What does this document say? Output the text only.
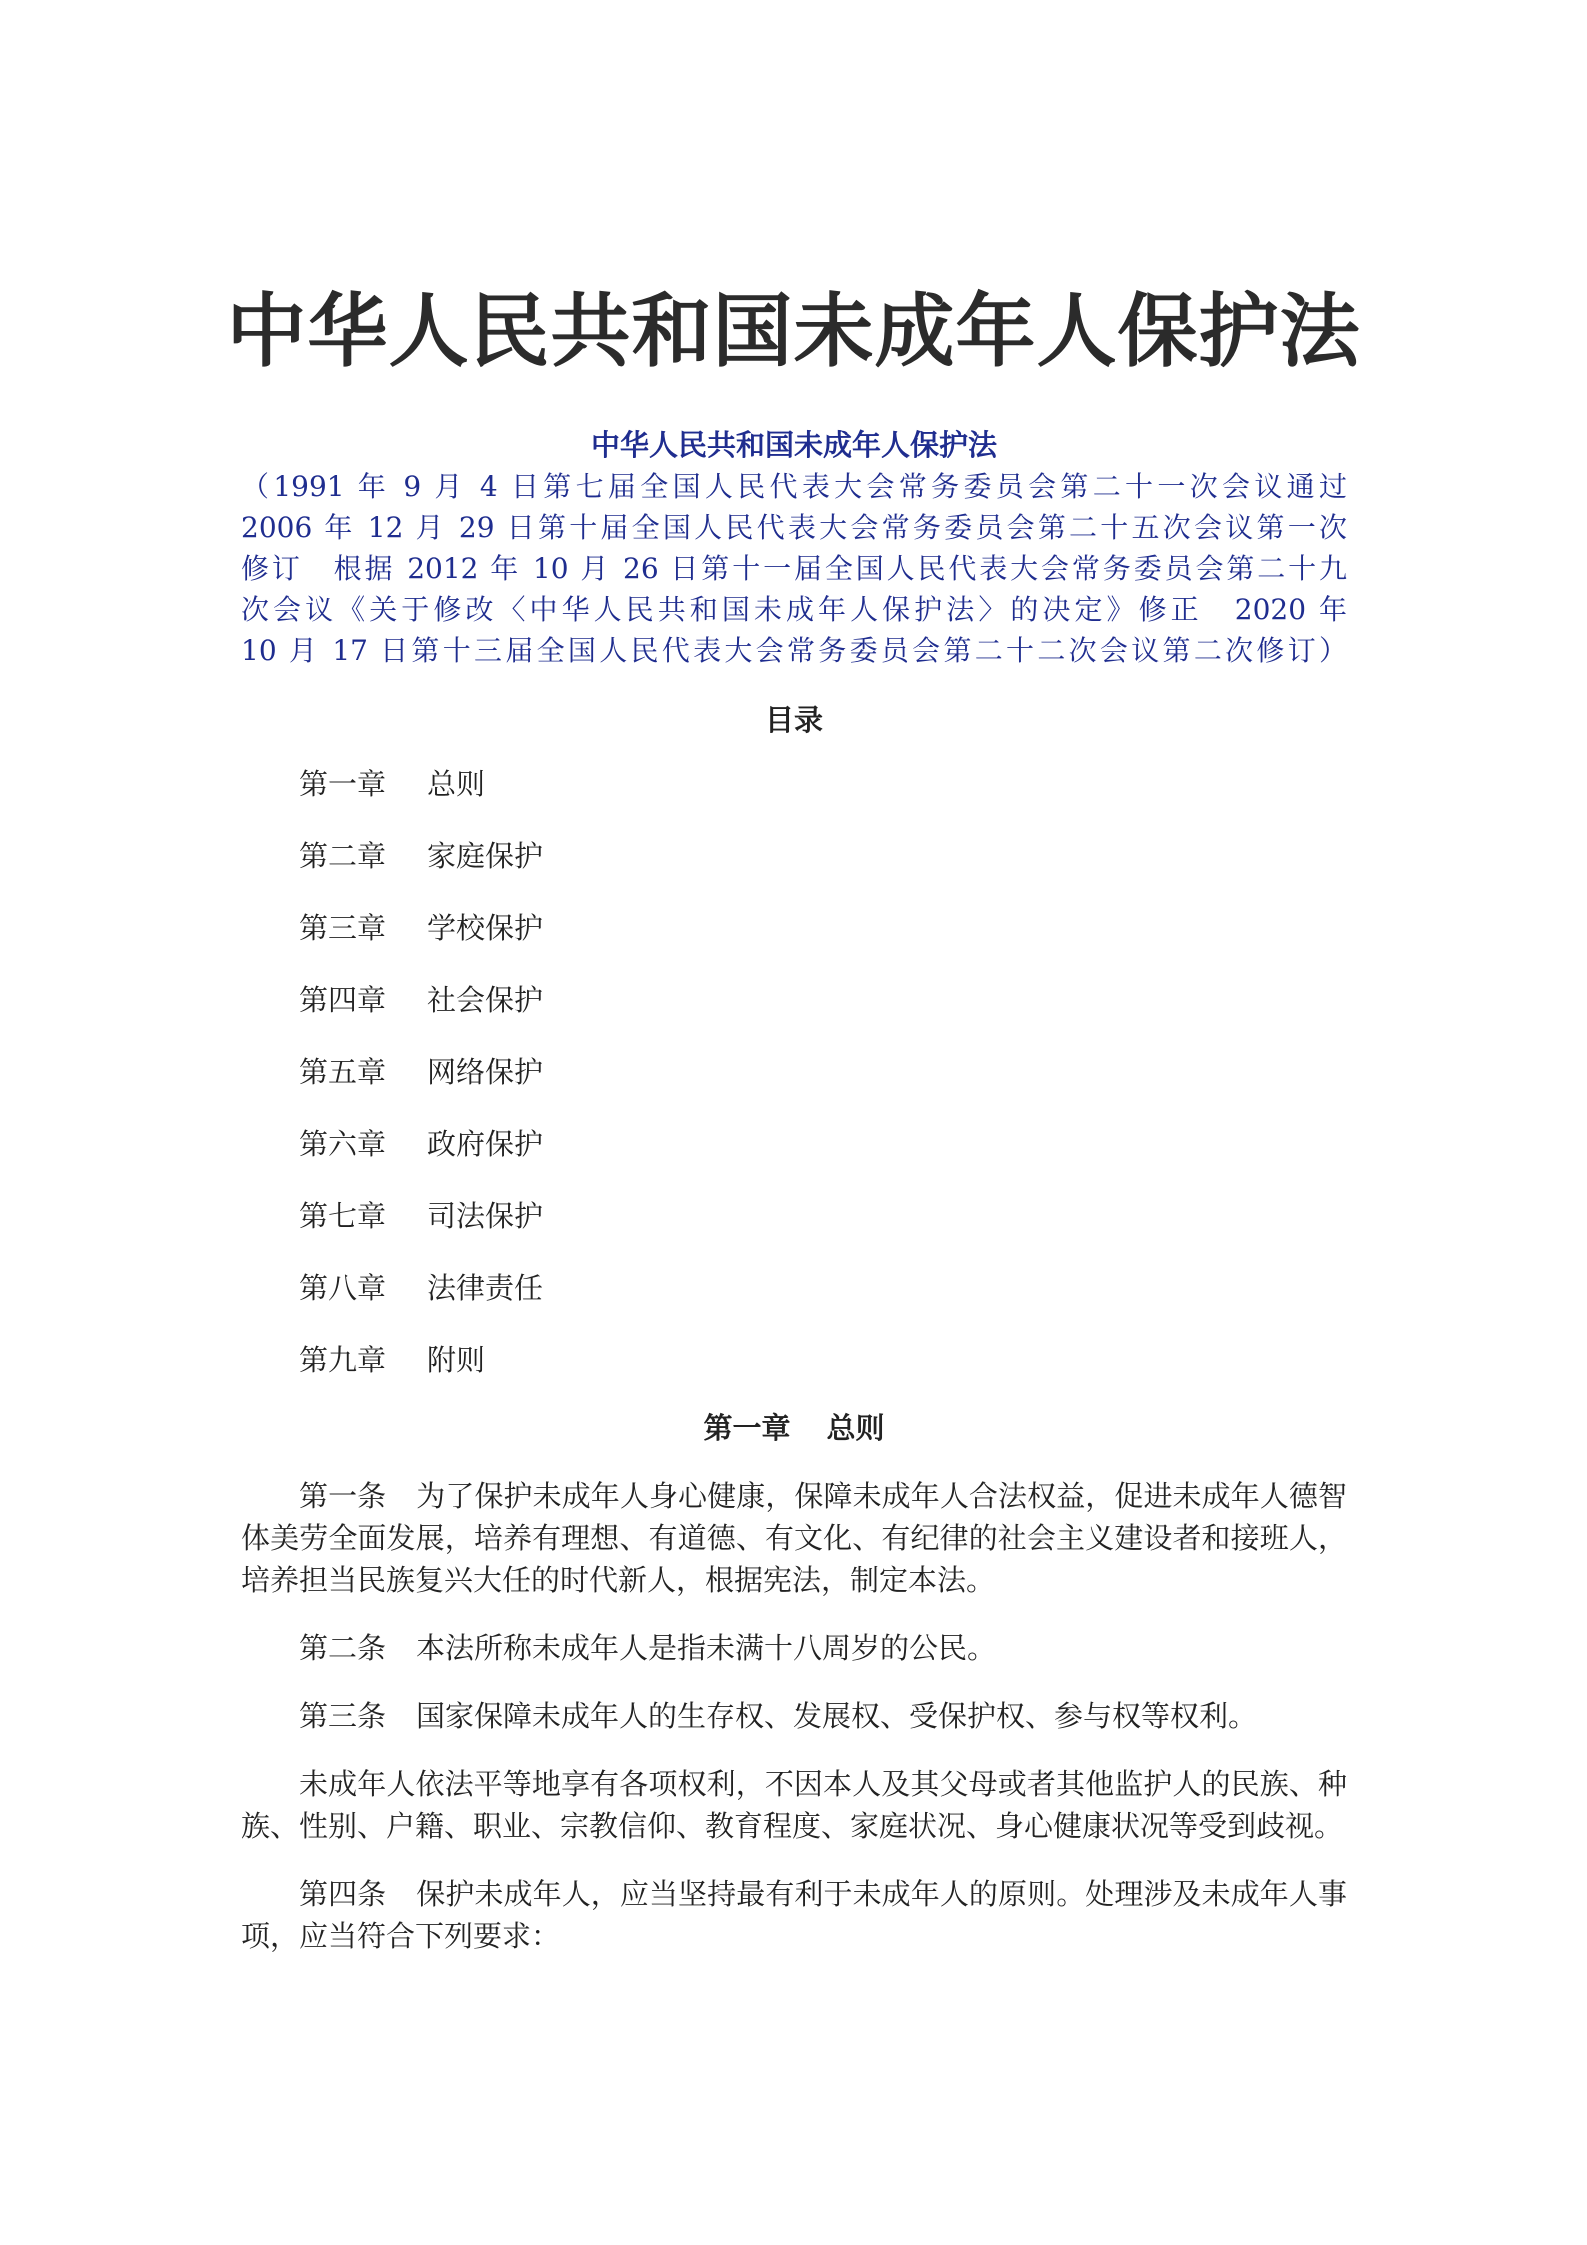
中华人民共和国未成年人保护法
中华人民共和国未成年人保护法

（1991 年 9 月 4 日第七届全国人民代表大会常务委员会第二十一次会议通过
2006 年 12 月 29 日第十届全国人民代表大会常务委员会第二十五次会议第一次
修订　根据 2012 年 10 月 26 日第十一届全国人民代表大会常务委员会第二十九
次会议《关于修改〈中华人民共和国未成年人保护法〉的决定》修正　2020 年
10 月 17 日第十三届全国人民代表大会常务委员会第二十二次会议第二次修订）

目录
第一章 总则
第二章 家庭保护
第三章 学校保护
第四章 社会保护
第五章 网络保护
第六章 政府保护
第七章 司法保护
第八章 法律责任
第九章 附则
第一章 总则

第一条 为了保护未成年人身心健康，保障未成年人合法权益，促进未成年人德智体美劳全面发展，培养有理想、有道德、有文化、有纪律的社会主义建设者和接班人，培养担当民族复兴大任的时代新人，根据宪法，制定本法。

第二条 本法所称未成年人是指未满十八周岁的公民。

第三条 国家保障未成年人的生存权、发展权、受保护权、参与权等权利。

未成年人依法平等地享有各项权利，不因本人及其父母或者其他监护人的民族、种族、性别、户籍、职业、宗教信仰、教育程度、家庭状况、身心健康状况等受到歧视。

第四条 保护未成年人，应当坚持最有利于未成年人的原则。处理涉及未成年人事项，应当符合下列要求：
